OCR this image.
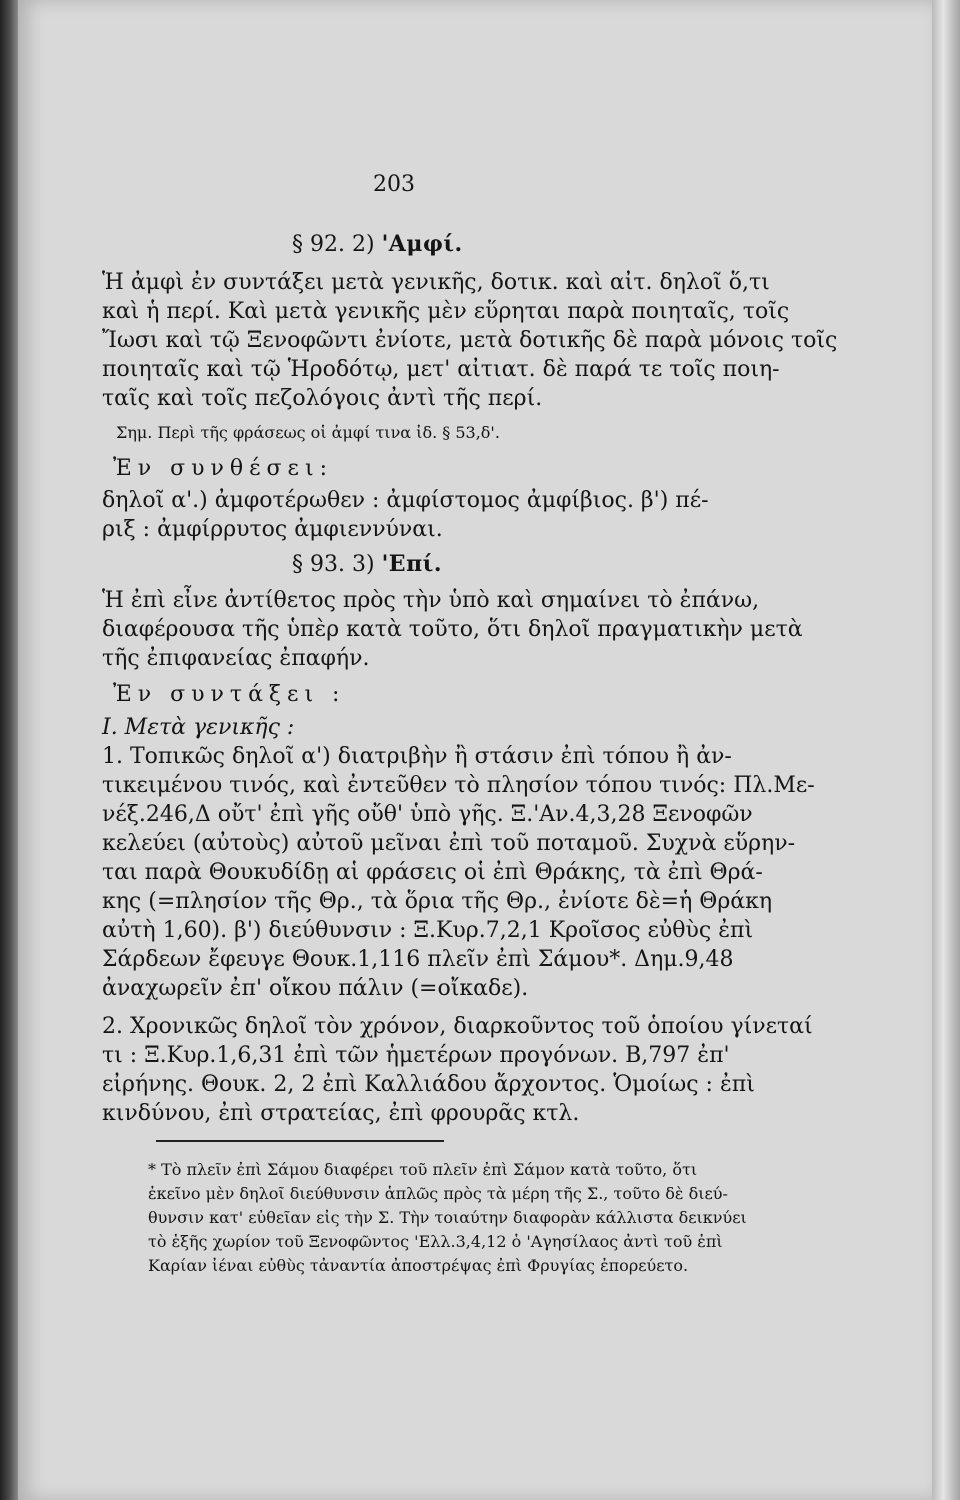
203
§ 92. 2) 'Αμφί.
Ἡ ἀμφὶ ἐν συντάξει μετὰ γενικῆς, δοτικ. καὶ αἰτ. δηλοῖ ὅ,τι
καὶ ἡ περί. Καὶ μετὰ γενικῆς μὲν εὕρηται παρὰ ποιηταῖς, τοῖς
Ἴωσι καὶ τῷ Ξενοφῶντι ἐνίοτε, μετὰ δοτικῆς δὲ παρὰ μόνοις τοῖς
ποιηταῖς καὶ τῷ Ἡροδότῳ, μετ' αἰτιατ. δὲ παρά τε τοῖς ποιη-
ταῖς καὶ τοῖς πεζολόγοις ἀντὶ τῆς περί.
Σημ. Περὶ τῆς φράσεως οἱ ἀμφί τινα ἰδ. § 53,δ'.
Ἐν συνθέσει:
δηλοῖ α'.) ἀμφοτέρωθεν : ἀμφίστομος ἀμφίβιος. β') πέ-
ριξ : ἀμφίρρυτος ἀμφιεννύναι.
§ 93. 3) 'Επί.
Ἡ ἐπὶ εἶνε ἀντίθετος πρὸς τὴν ὑπὸ καὶ σημαίνει τὸ ἐπάνω,
διαφέρουσα τῆς ὑπὲρ κατὰ τοῦτο, ὅτι δηλοῖ πραγματικὴν μετὰ
τῆς ἐπιφανείας ἐπαφήν.
Ἐν συντάξει :
Ι. Μετὰ γενικῆς :
1. Τοπικῶς δηλοῖ α') διατριβὴν ἢ στάσιν ἐπὶ τόπου ἢ ἀν-
τικειμένου τινός, καὶ ἐντεῦθεν τὸ πλησίον τόπου τινός: Πλ.Με-
νέξ.246,Δ οὔτ' ἐπὶ γῆς οὔθ' ὑπὸ γῆς. Ξ.'Αν.4,3,28 Ξενοφῶν
κελεύει (αὐτοὺς) αὐτοῦ μεῖναι ἐπὶ τοῦ ποταμοῦ. Συχνὰ εὕρην-
ται παρὰ Θουκυδίδῃ αἱ φράσεις οἱ ἐπὶ Θράκης, τὰ ἐπὶ Θρά-
κης (=πλησίον τῆς Θρ., τὰ ὅρια τῆς Θρ., ἐνίοτε δὲ=ἡ Θράκη
αὐτὴ 1,60). β') διεύθυνσιν : Ξ.Κυρ.7,2,1 Κροῖσος εὐθὺς ἐπὶ
Σάρδεων ἔφευγε Θουκ.1,116 πλεῖν ἐπὶ Σάμου*. Δημ.9,48
ἀναχωρεῖν ἐπ' οἴκου πάλιν (=οἴκαδε).
2. Χρονικῶς δηλοῖ τὸν χρόνον, διαρκοῦντος τοῦ ὁποίου γίνεταί
τι : Ξ.Κυρ.1,6,31 ἐπὶ τῶν ἡμετέρων προγόνων. Β,797 ἐπ'
εἰρήνης. Θουκ. 2, 2 ἐπὶ Καλλιάδου ἄρχοντος. Ὁμοίως : ἐπὶ
κινδύνου, ἐπὶ στρατείας, ἐπὶ φρουρᾶς κτλ.
* Τὸ πλεῖν ἐπὶ Σάμου διαφέρει τοῦ πλεῖν ἐπὶ Σάμον κατὰ τοῦτο, ὅτι
ἐκεῖνο μὲν δηλοῖ διεύθυνσιν ἁπλῶς πρὸς τὰ μέρη τῆς Σ., τοῦτο δὲ διεύ-
θυνσιν κατ' εὐθεῖαν εἰς τὴν Σ. Τὴν τοιαύτην διαφορὰν κάλλιστα δεικνύει
τὸ ἑξῆς χωρίον τοῦ Ξενοφῶντος 'Ελλ.3,4,12 ὁ 'Αγησίλαος ἀντὶ τοῦ ἐπὶ
Καρίαν ἰέναι εὐθὺς τἀναντία ἀποστρέψας ἐπὶ Φρυγίας ἐπορεύετο.
